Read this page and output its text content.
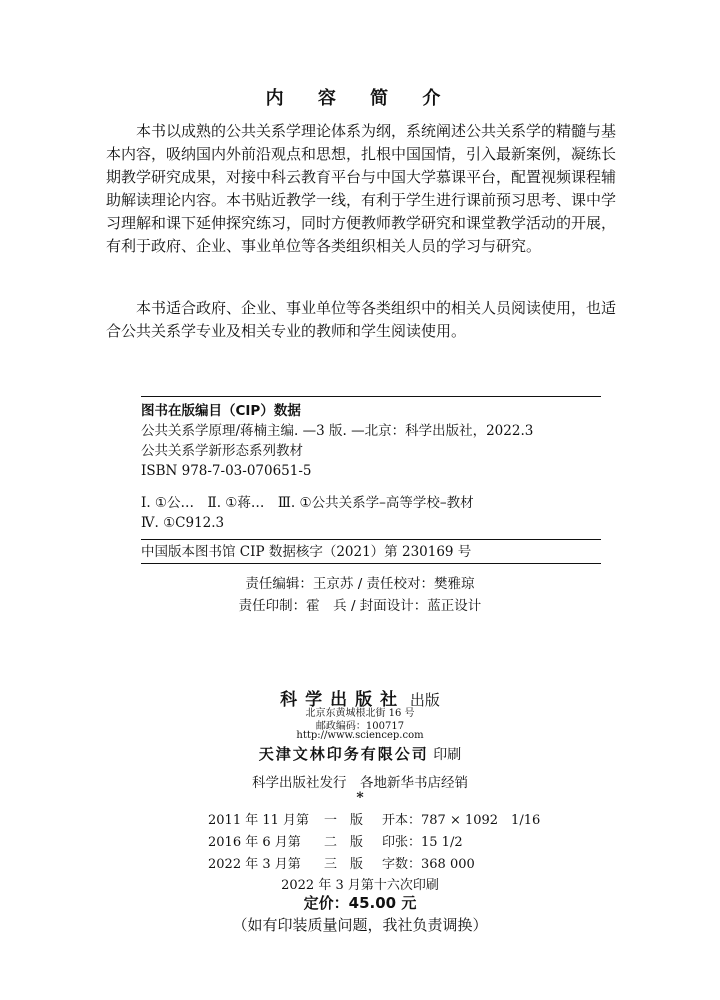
内 容 简 介
本书以成熟的公共关系学理论体系为纲，系统阐述公共关系学的精髓与基本内容，吸纳国内外前沿观点和思想，扎根中国国情，引入最新案例，凝练长期教学研究成果，对接中科云教育平台与中国大学慕课平台，配置视频课程辅助解读理论内容。本书贴近教学一线，有利于学生进行课前预习思考、课中学习理解和课下延伸探究练习，同时方便教师教学研究和课堂教学活动的开展，有利于政府、企业、事业单位等各类组织相关人员的学习与研究。
本书适合政府、企业、事业单位等各类组织中的相关人员阅读使用，也适合公共关系学专业及相关专业的教师和学生阅读使用。
图书在版编目（CIP）数据
公共关系学原理/蒋楠主编. —3 版. —北京：科学出版社，2022.3
公共关系学新形态系列教材
ISBN 978-7-03-070651-5
Ⅰ. ①公…　Ⅱ. ①蒋…　Ⅲ. ①公共关系学–高等学校–教材
Ⅳ. ①C912.3
中国版本图书馆 CIP 数据核字（2021）第 230169 号
责任编辑：王京苏 / 责任校对：樊雅琼
责任印制：霍　兵 / 封面设计：蓝正设计
科学出版社 出版
北京东黄城根北街 16 号
邮政编码：100717
http://www.sciencep.com
天津文林印务有限公司 印刷
科学出版社发行　各地新华书店经销
*
2011 年 11 月第 一　版 开本：787 × 1092　1/16
2016 年 6 月第 二　版 印张：15 1/2
2022 年 3 月第 三　版 字数：368 000
2022 年 3 月第十六次印刷
定价：45.00 元
（如有印装质量问题，我社负责调换）
